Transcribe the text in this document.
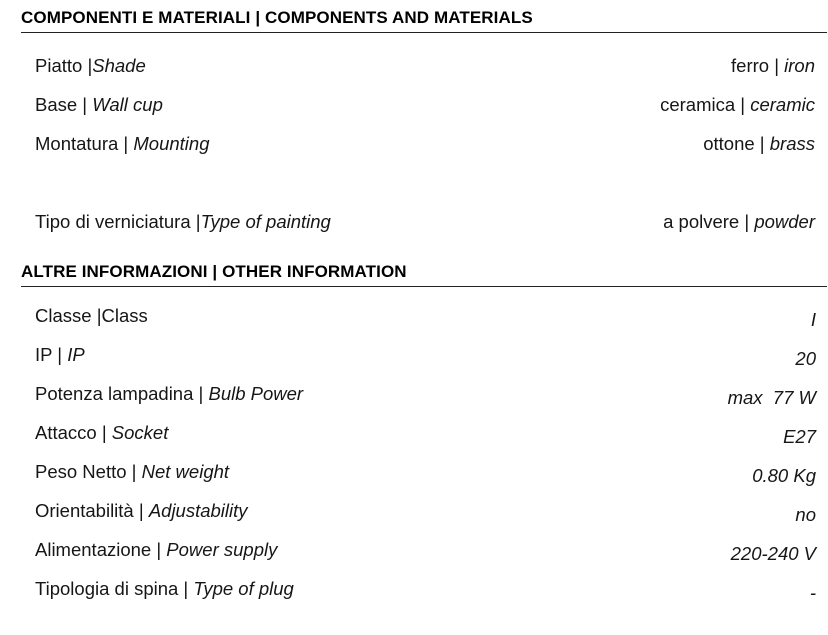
COMPONENTI E MATERIALI | COMPONENTS AND MATERIALS
Piatto |Shade	ferro | iron
Base | Wall cup	ceramica | ceramic
Montatura | Mounting	ottone | brass
Tipo di verniciatura |Type of painting	a polvere | powder
ALTRE INFORMAZIONI | OTHER INFORMATION
Classe |Class	I
IP | IP	20
Potenza lampadina | Bulb Power	max  77 W
Attacco | Socket	E27
Peso Netto | Net weight	0.80 Kg
Orientabilità | Adjustability	no
Alimentazione | Power supply	220-240 V
Tipologia di spina | Type of plug	-
